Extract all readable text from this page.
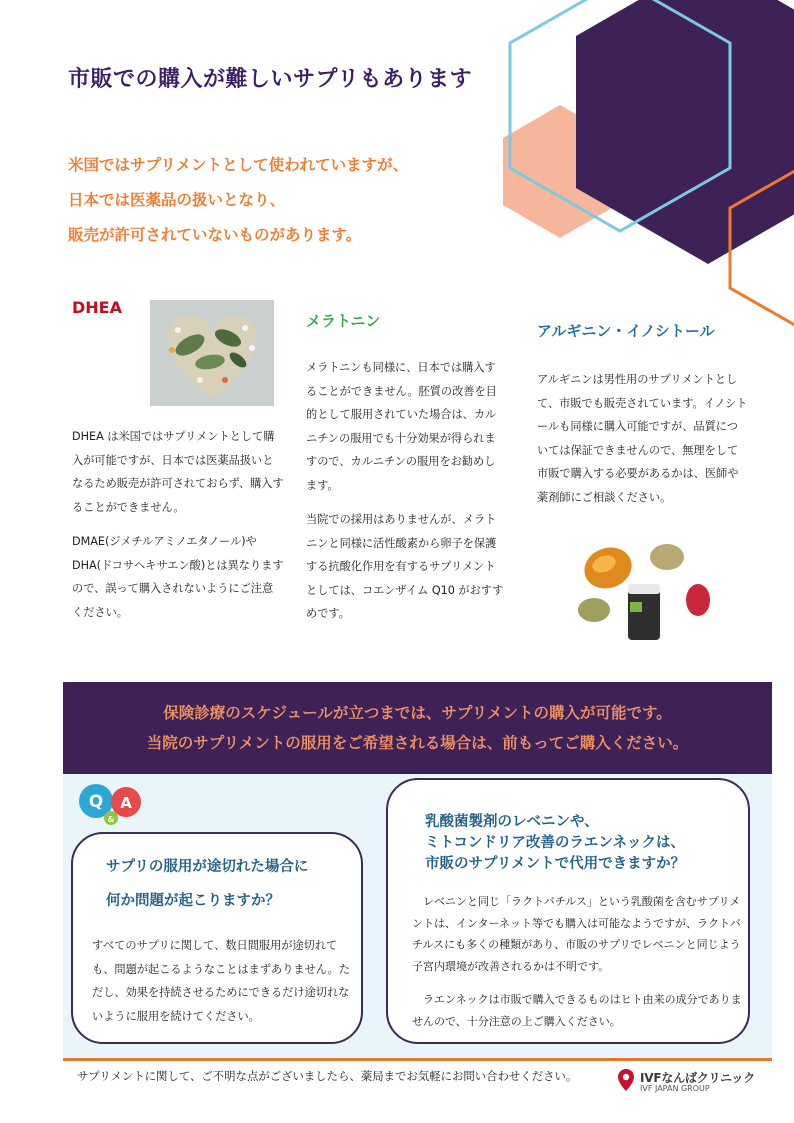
市販での購入が難しいサプリもあります
米国ではサプリメントとして使われていますが、
日本では医薬品の扱いとなり、
販売が許可されていないものがあります。
DHEA

DHEA は米国ではサプリメントとして購入が可能ですが、日本では医薬品扱いとなるため販売が許可されておらず、購入することができません。

DMAE(ジメチルアミノエタノール)やDHA(ドコサヘキサエン酸)とは異なりますので、誤って購入されないようにご注意ください。

メラトニン

メラトニンも同様に、日本では購入することができません。胚質の改善を目的として服用されていた場合は、カルニチンの服用でも十分効果が得られますので、カルニチンの服用をお勧めします。

当院での採用はありませんが、メラトニンと同様に活性酸素から卵子を保護する抗酸化作用を有するサプリメントとしては、コエンザイム Q10 がおすすめです。

アルギニン・イノシトール

アルギニンは男性用のサプリメントとして、市販でも販売されています。イノシトールも同様に購入可能ですが、品質については保証できませんので、無理をして市販で購入する必要があるかは、医師や薬剤師にご相談ください。

保険診療のスケジュールが立つまでは、サプリメントの購入が可能です。
当院のサプリメントの服用をご希望される場合は、前もってご購入ください。
Q A
&
サプリの服用が途切れた場合に
何か問題が起こりますか？
すべてのサプリに関して、数日間服用が途切れても、問題が起こるようなことはまずありません。ただし、効果を持続させるためにできるだけ途切れないように服用を続けてください。
乳酸菌製剤のレベニンや、
ミトコンドリア改善のラエンネックは、
市販のサプリメントで代用できますか？

レベニンと同じ「ラクトバチルス」という乳酸菌を含むサプリメントは、インターネット等でも購入は可能なようですが、ラクトバチルスにも多くの種類があり、市販のサプリでレベニンと同じよう子宮内環境が改善されるかは不明です。

ラエンネックは市販で購入できるものはヒト由来の成分でありませんので、十分注意の上ご購入ください。

サプリメントに関して、ご不明な点がございましたら、薬局までお気軽にお問い合わせください。	IVFなんばクリニック
IVF JAPAN GROUP
